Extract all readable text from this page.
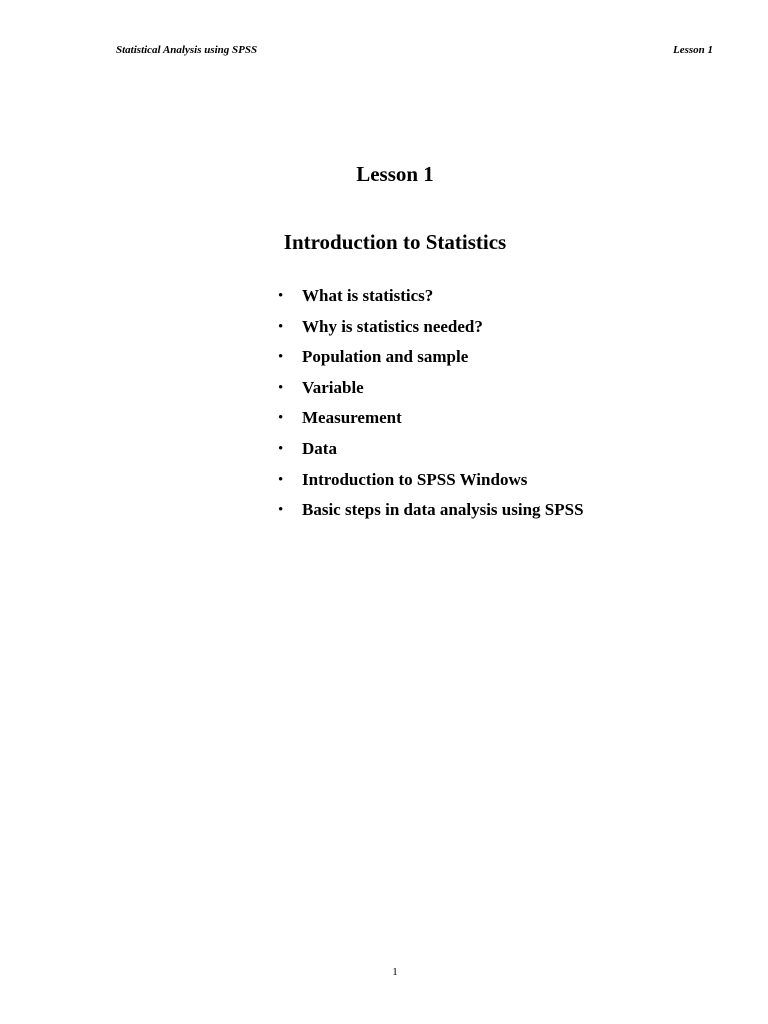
Statistical Analysis using SPSS	Lesson 1
Lesson 1
Introduction to Statistics
•	What is statistics?
•	Why is statistics needed?
•	Population and sample
•	Variable
•	Measurement
•	Data
•	Introduction to SPSS Windows
•	Basic steps in data analysis using SPSS
1
